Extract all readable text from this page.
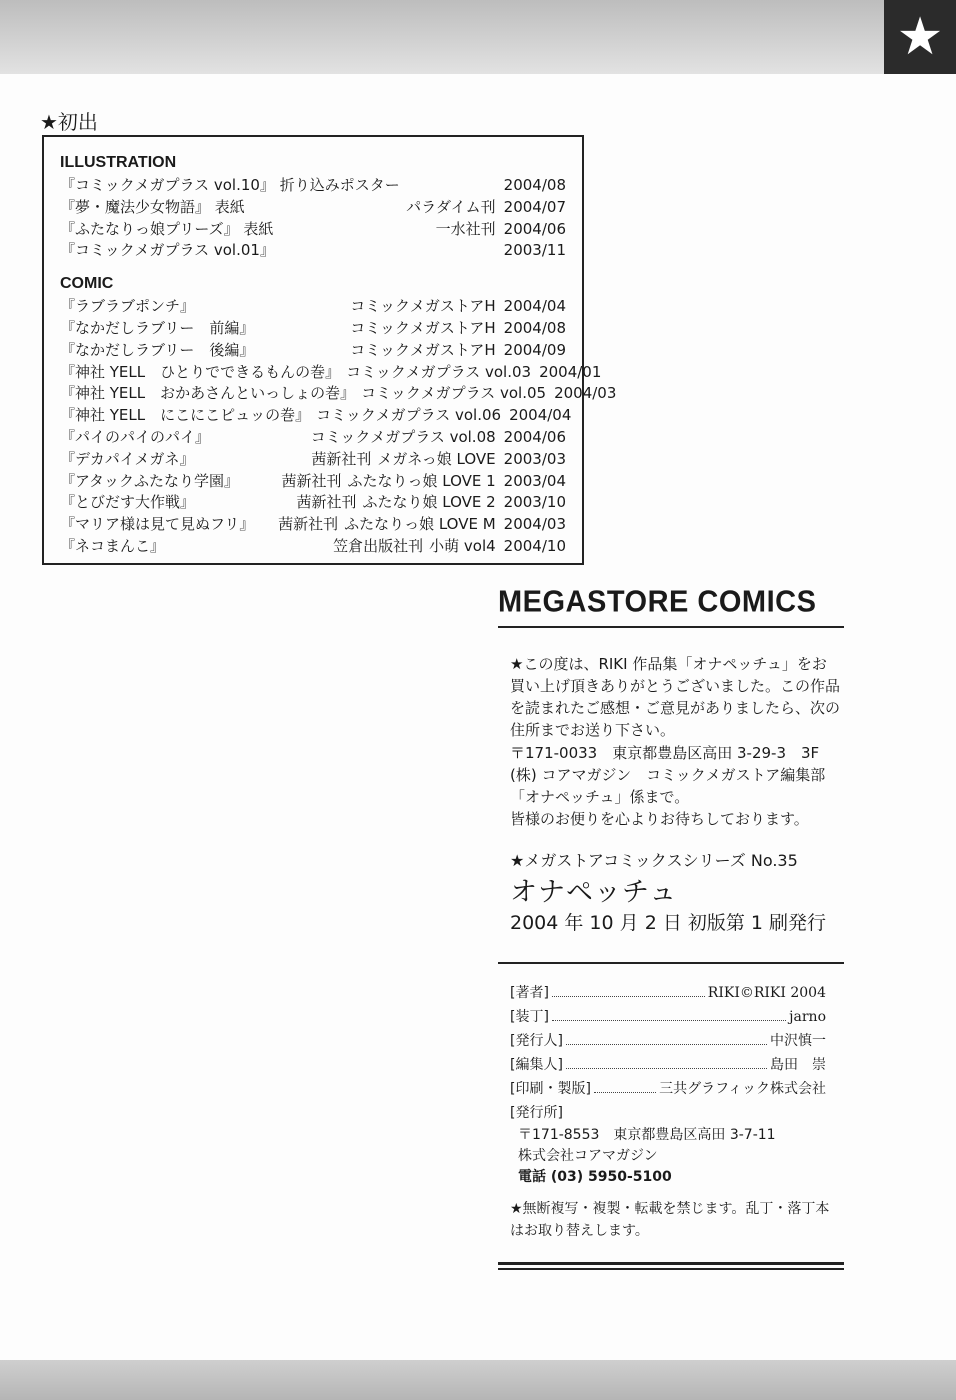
★
★初出
ILLUSTRATION
『コミックメガプラス vol.10』 折り込みポスター	2004/08
『夢・魔法少女物語』 表紙	パラダイム刊 2004/07
『ふたなりっ娘プリーズ』 表紙	一水社刊 2004/06
『コミックメガプラス vol.01』	2003/11
COMIC
『ラブラブポンチ』	コミックメガストアH 2004/04
『なかだしラブリー　前編』	コミックメガストアH 2004/08
『なかだしラブリー　後編』	コミックメガストアH 2004/09
『神社 YELL　ひとりでできるもんの巻』 コミックメガプラス vol.03 2004/01
『神社 YELL　おかあさんといっしょの巻』 コミックメガプラス vol.05 2004/03
『神社 YELL　にこにこピュッの巻』 コミックメガプラス vol.06 2004/04
『パイのパイのパイ』	コミックメガプラス vol.08 2004/06
『デカパイメガネ』	茜新社刊 メガネっ娘 LOVE 2003/03
『アタックふたなり学園』	茜新社刊 ふたなりっ娘 LOVE 1 2003/04
『とびだす大作戦』	茜新社刊 ふたなり娘 LOVE 2 2003/10
『マリア様は見て見ぬフリ』	茜新社刊 ふたなりっ娘 LOVE M 2004/03
『ネコまんこ』	笠倉出版社刊 小萌 vol4 2004/10
MEGASTORE COMICS

★この度は、RIKI 作品集「オナペッチュ」をお買い上げ頂きありがとうございました。この作品を読まれたご感想・ご意見がありましたら、次の住所までお送り下さい。

〒171-0033　東京都豊島区高田 3-29-3　3F

(株) コアマガジン　コミックメガストア編集部

「オナペッチュ」係まで。

皆様のお便りを心よりお待ちしております。

★メガストアコミックスシリーズ No.35
オナペッチュ
2004 年 10 月 2 日 初版第 1 刷発行
[著者]	RIKI©RIKI 2004
[装丁]	jarno
[発行人]	中沢慎一
[編集人]	島田　崇
[印刷・製版]	三共グラフィック株式会社
[発行所]
〒171-8553　東京都豊島区高田 3-7-11
株式会社コアマガジン
電話 (03) 5950-5100
★無断複写・複製・転載を禁じます。乱丁・落丁本はお取り替えします。
